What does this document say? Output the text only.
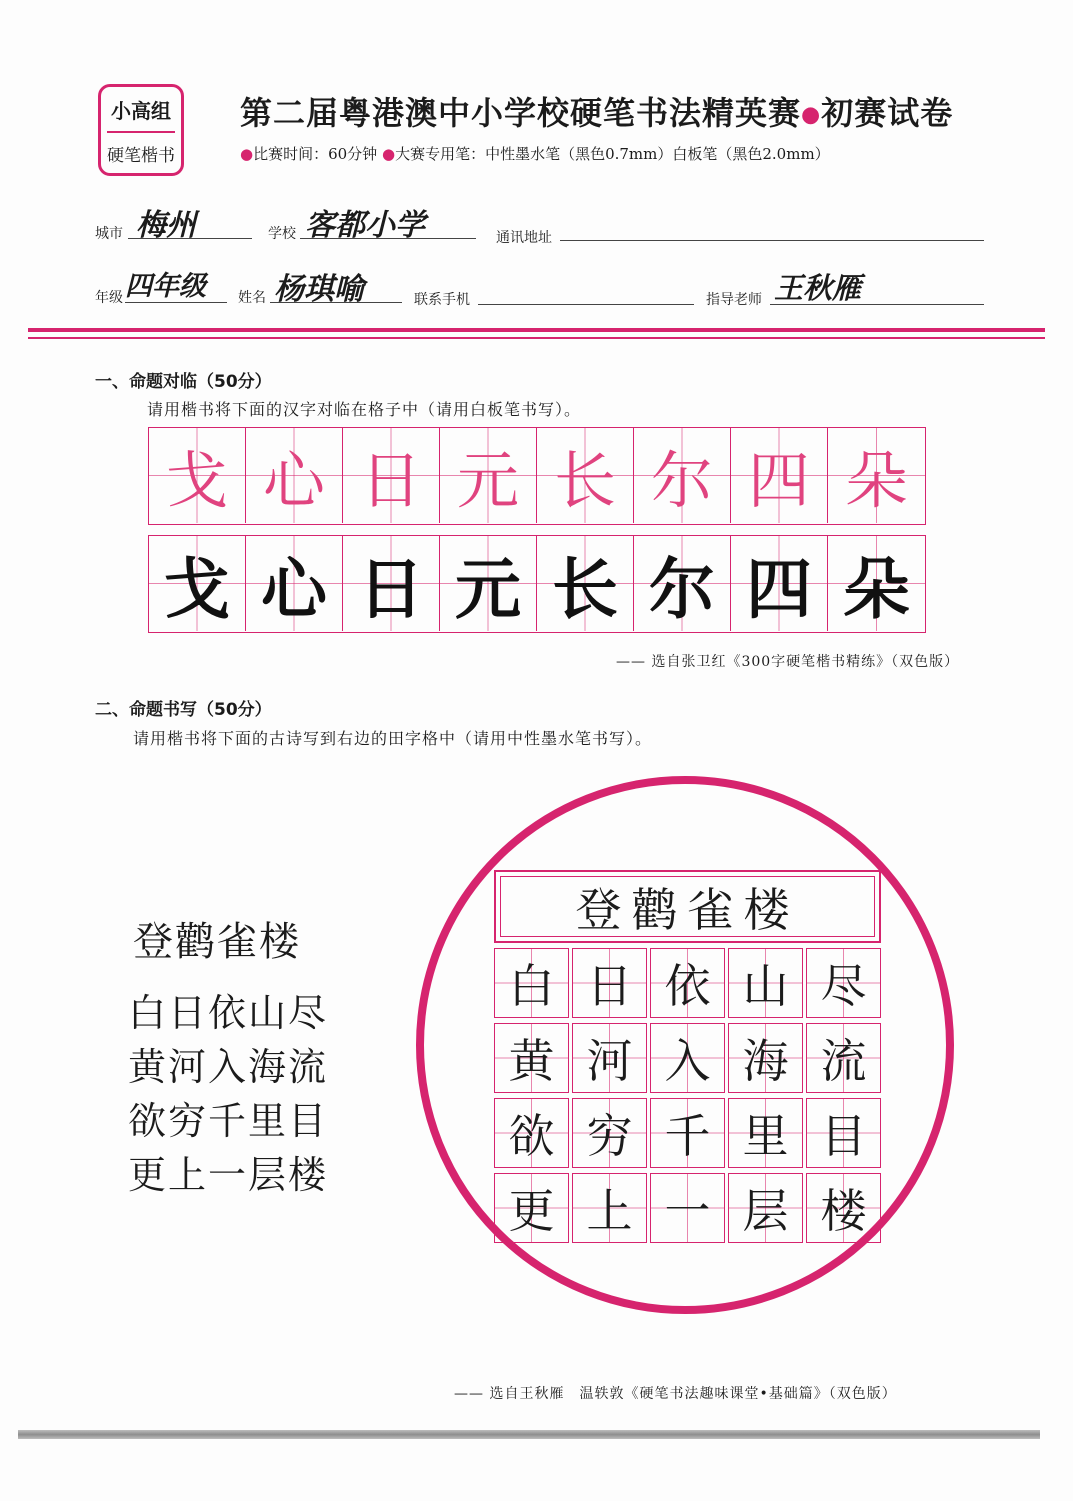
小高组
硬笔楷书
第二届粤港澳中小学校硬笔书法精英赛●初赛试卷
●比赛时间：60分钟 ●大赛专用笔：中性墨水笔（黑色0.7mm）白板笔（黑色2.0mm）
城市 梅州	学校 客都小学	通讯地址
年级 四年级 姓名 杨琪喻	联系手机	指导老师 王秋雁
一、命题对临（50分）
请用楷书将下面的汉字对临在格子中（请用白板笔书写）。
戈 心 日 元 长 尔 四 朵
戈 心 日 元 长 尔 四 朵
—— 选自张卫红《300字硬笔楷书精练》（双色版）
二、命题书写（50分）
请用楷书将下面的古诗写到右边的田字格中（请用中性墨水笔书写）。
登鹳雀楼
白日依山尽
黄河入海流
欲穷千里目
更上一层楼
登鹳雀楼
白 日 依 山 尽
黄 河 入 海 流
欲 穷 千 里 目
更 上 一 层 楼
—— 选自王秋雁　温轶敦《硬笔书法趣味课堂•基础篇》（双色版）
